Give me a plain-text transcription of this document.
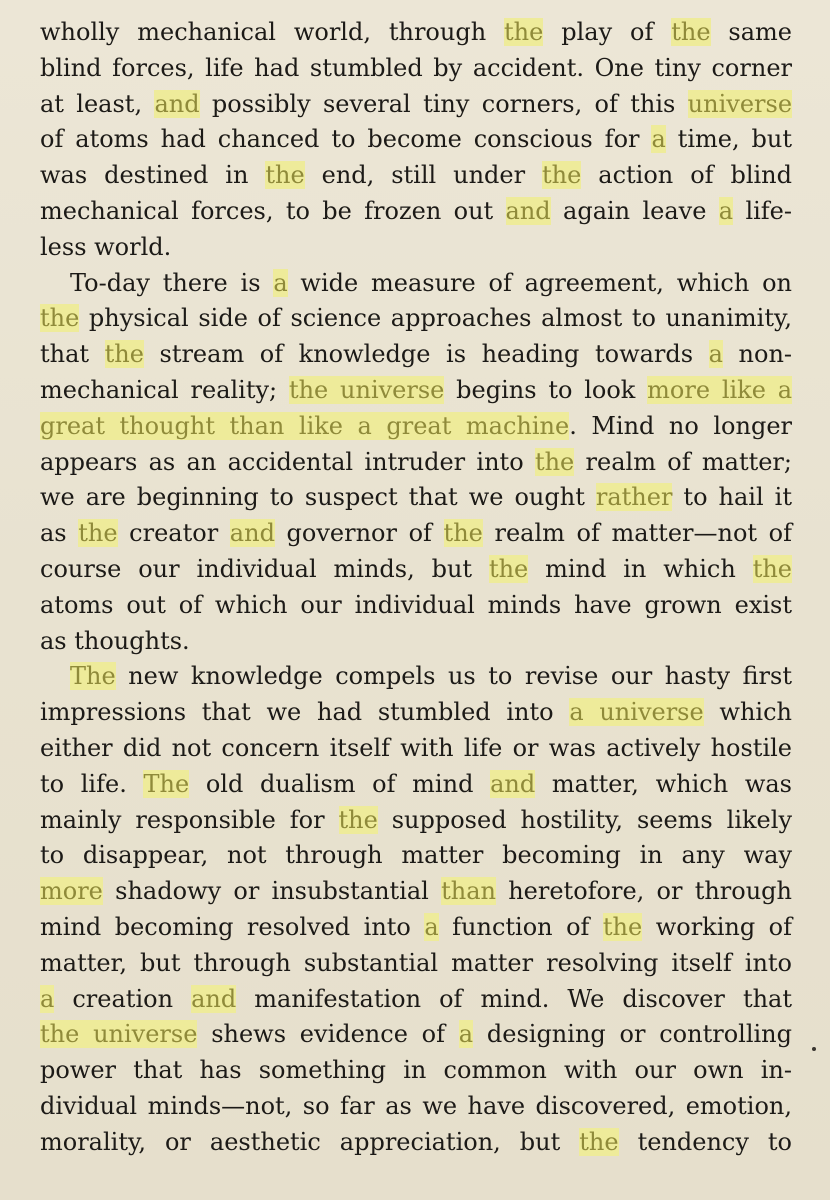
wholly mechanical world, through the play of the same
blind forces, life had stumbled by accident. One tiny corner
at least, and possibly several tiny corners, of this universe
of atoms had chanced to become conscious for a time, but
was destined in the end, still under the action of blind
mechanical forces, to be frozen out and again leave a life-
less world.
To-day there is a wide measure of agreement, which on
the physical side of science approaches almost to unanimity,
that the stream of knowledge is heading towards a non-
mechanical reality; the universe begins to look more like a
great thought than like a great machine. Mind no longer
appears as an accidental intruder into the realm of matter;
we are beginning to suspect that we ought rather to hail it
as the creator and governor of the realm of matter—not of
course our individual minds, but the mind in which the
atoms out of which our individual minds have grown exist
as thoughts.
The new knowledge compels us to revise our hasty first
impressions that we had stumbled into a universe which
either did not concern itself with life or was actively hostile
to life. The old dualism of mind and matter, which was
mainly responsible for the supposed hostility, seems likely
to disappear, not through matter becoming in any way
more shadowy or insubstantial than heretofore, or through
mind becoming resolved into a function of the working of
matter, but through substantial matter resolving itself into
a creation and manifestation of mind. We discover that
the universe shews evidence of a designing or controlling
power that has something in common with our own in-
dividual minds—not, so far as we have discovered, emotion,
morality, or aesthetic appreciation, but the tendency to
